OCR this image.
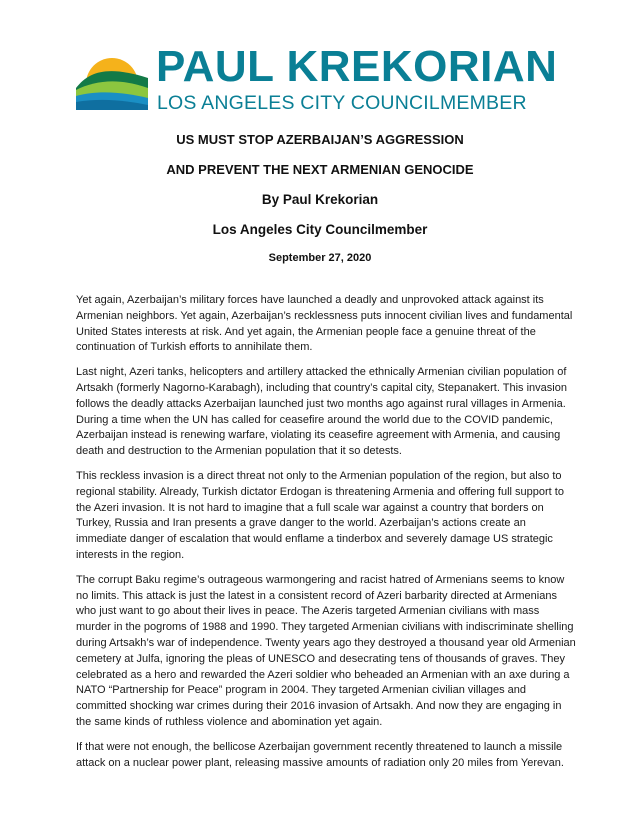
PAUL KREKORIAN
LOS ANGELES CITY COUNCILMEMBER
US MUST STOP AZERBAIJAN’S AGGRESSION
AND PREVENT THE NEXT ARMENIAN GENOCIDE
By Paul Krekorian
Los Angeles City Councilmember
September 27, 2020

Yet again, Azerbaijan’s military forces have launched a deadly and unprovoked attack against its Armenian neighbors. Yet again, Azerbaijan’s recklessness puts innocent civilian lives and fundamental United States interests at risk. And yet again, the Armenian people face a genuine threat of the continuation of Turkish efforts to annihilate them.

Last night, Azeri tanks, helicopters and artillery attacked the ethnically Armenian civilian population of Artsakh (formerly Nagorno-Karabagh), including that country’s capital city, Stepanakert. This invasion follows the deadly attacks Azerbaijan launched just two months ago against rural villages in Armenia. During a time when the UN has called for ceasefire around the world due to the COVID pandemic, Azerbaijan instead is renewing warfare, violating its ceasefire agreement with Armenia, and causing death and destruction to the Armenian population that it so detests.

This reckless invasion is a direct threat not only to the Armenian population of the region, but also to regional stability. Already, Turkish dictator Erdogan is threatening Armenia and offering full support to the Azeri invasion. It is not hard to imagine that a full scale war against a country that borders on Turkey, Russia and Iran presents a grave danger to the world. Azerbaijan’s actions create an immediate danger of escalation that would enflame a tinderbox and severely damage US strategic interests in the region.

The corrupt Baku regime’s outrageous warmongering and racist hatred of Armenians seems to know no limits. This attack is just the latest in a consistent record of Azeri barbarity directed at Armenians who just want to go about their lives in peace. The Azeris targeted Armenian civilians with mass murder in the pogroms of 1988 and 1990. They targeted Armenian civilians with indiscriminate shelling during Artsakh’s war of independence. Twenty years ago they destroyed a thousand year old Armenian cemetery at Julfa, ignoring the pleas of UNESCO and desecrating tens of thousands of graves. They celebrated as a hero and rewarded the Azeri soldier who beheaded an Armenian with an axe during a NATO “Partnership for Peace” program in 2004. They targeted Armenian civilian villages and committed shocking war crimes during their 2016 invasion of Artsakh. And now they are engaging in the same kinds of ruthless violence and abomination yet again.

If that were not enough, the bellicose Azerbaijan government recently threatened to launch a missile attack on a nuclear power plant, releasing massive amounts of radiation only 20 miles from Yerevan.
